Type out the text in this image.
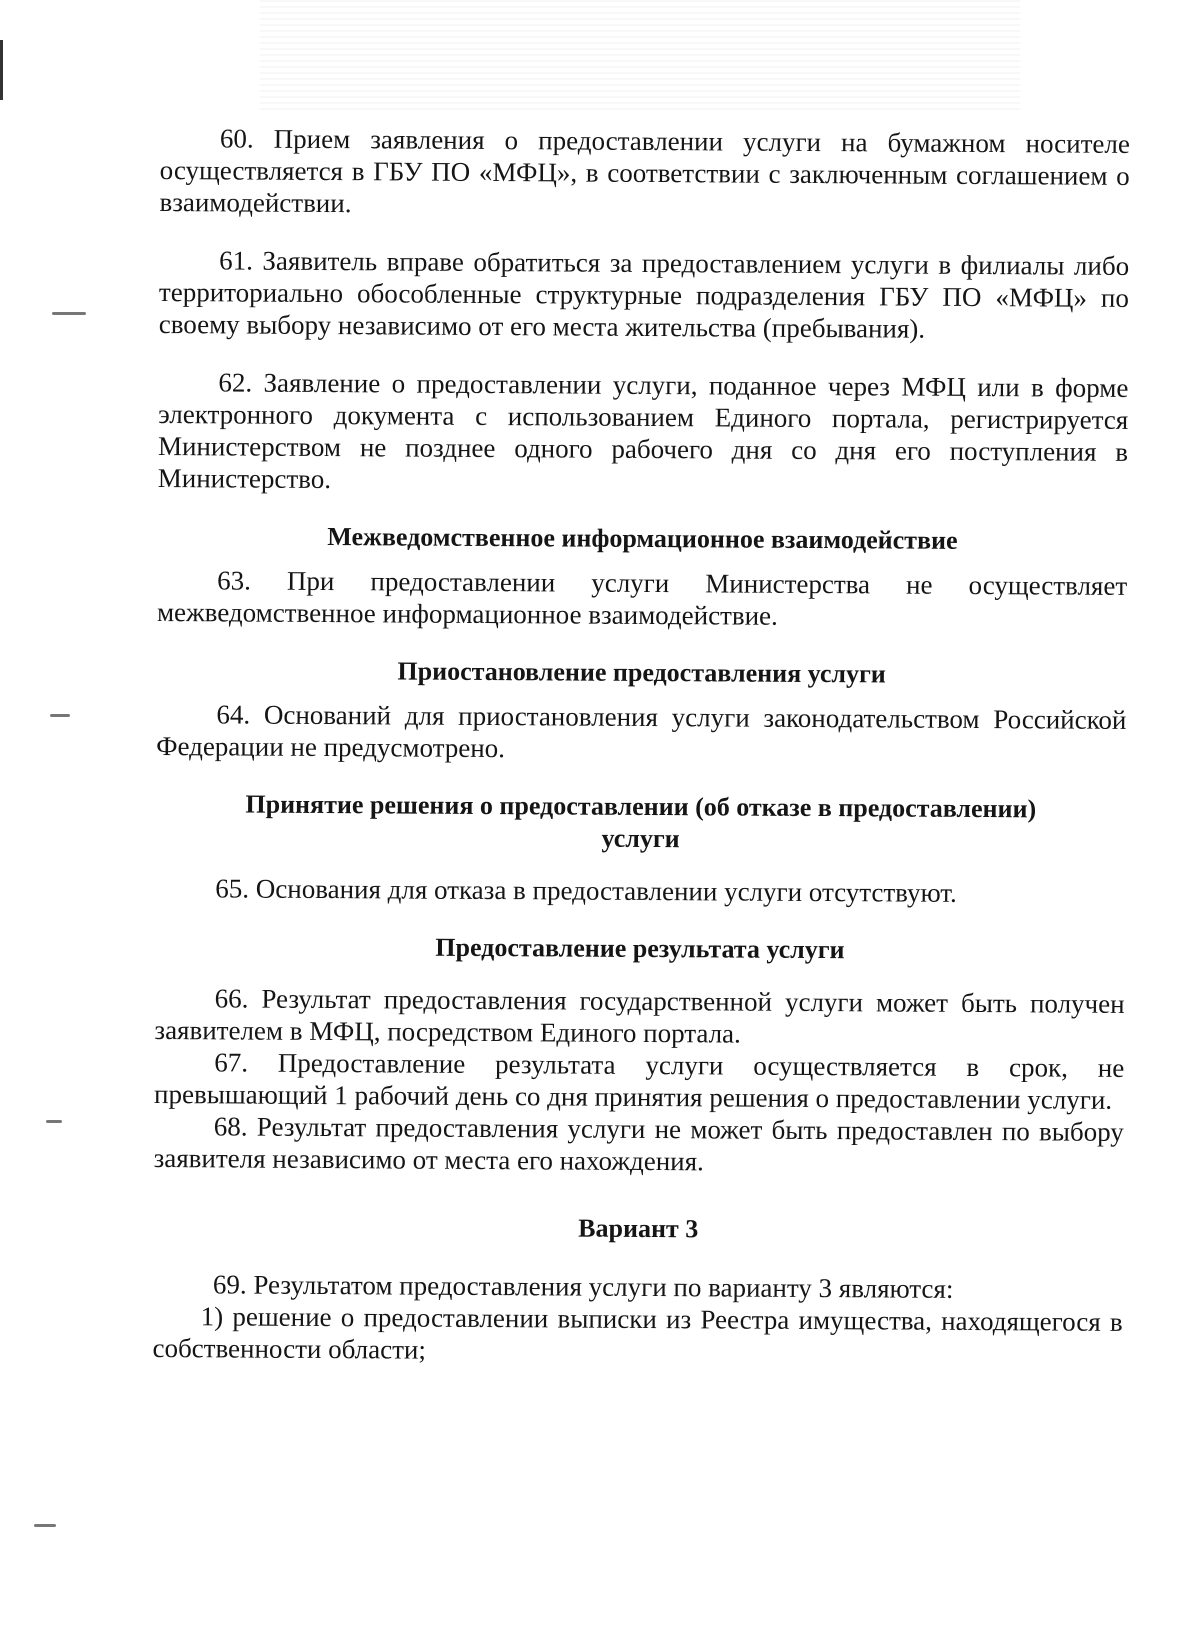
60. Прием заявления о предоставлении услуги на бумажном носителе осуществляется в ГБУ ПО «МФЦ», в соответствии с заключенным соглашением о взаимодействии.

61. Заявитель вправе обратиться за предоставлением услуги в филиалы либо территориально обособленные структурные подразделения ГБУ ПО «МФЦ» по своему выбору независимо от его места жительства (пребывания).

62. Заявление о предоставлении услуги, поданное через МФЦ или в форме электронного документа с использованием Единого портала, регистрируется Министерством не позднее одного рабочего дня со дня его поступления в Министерство.

Межведомственное информационное взаимодействие

63. При предоставлении услуги Министерства не осуществляет межведомственное информационное взаимодействие.

Приостановление предоставления услуги

64. Оснований для приостановления услуги законодательством Российской Федерации не предусмотрено.

Принятие решения о предоставлении (об отказе в предоставлении)
услуги

65. Основания для отказа в предоставлении услуги отсутствуют.

Предоставление результата услуги

66. Результат предоставления государственной услуги может быть получен заявителем в МФЦ, посредством Единого портала.

67. Предоставление результата услуги осуществляется в срок, не превышающий 1 рабочий день со дня принятия решения о предоставлении услуги.

68. Результат предоставления услуги не может быть предоставлен по выбору заявителя независимо от места его нахождения.

Вариант 3

69. Результатом предоставления услуги по варианту 3 являются:

1) решение о предоставлении выписки из Реестра имущества, находящегося в собственности области;
